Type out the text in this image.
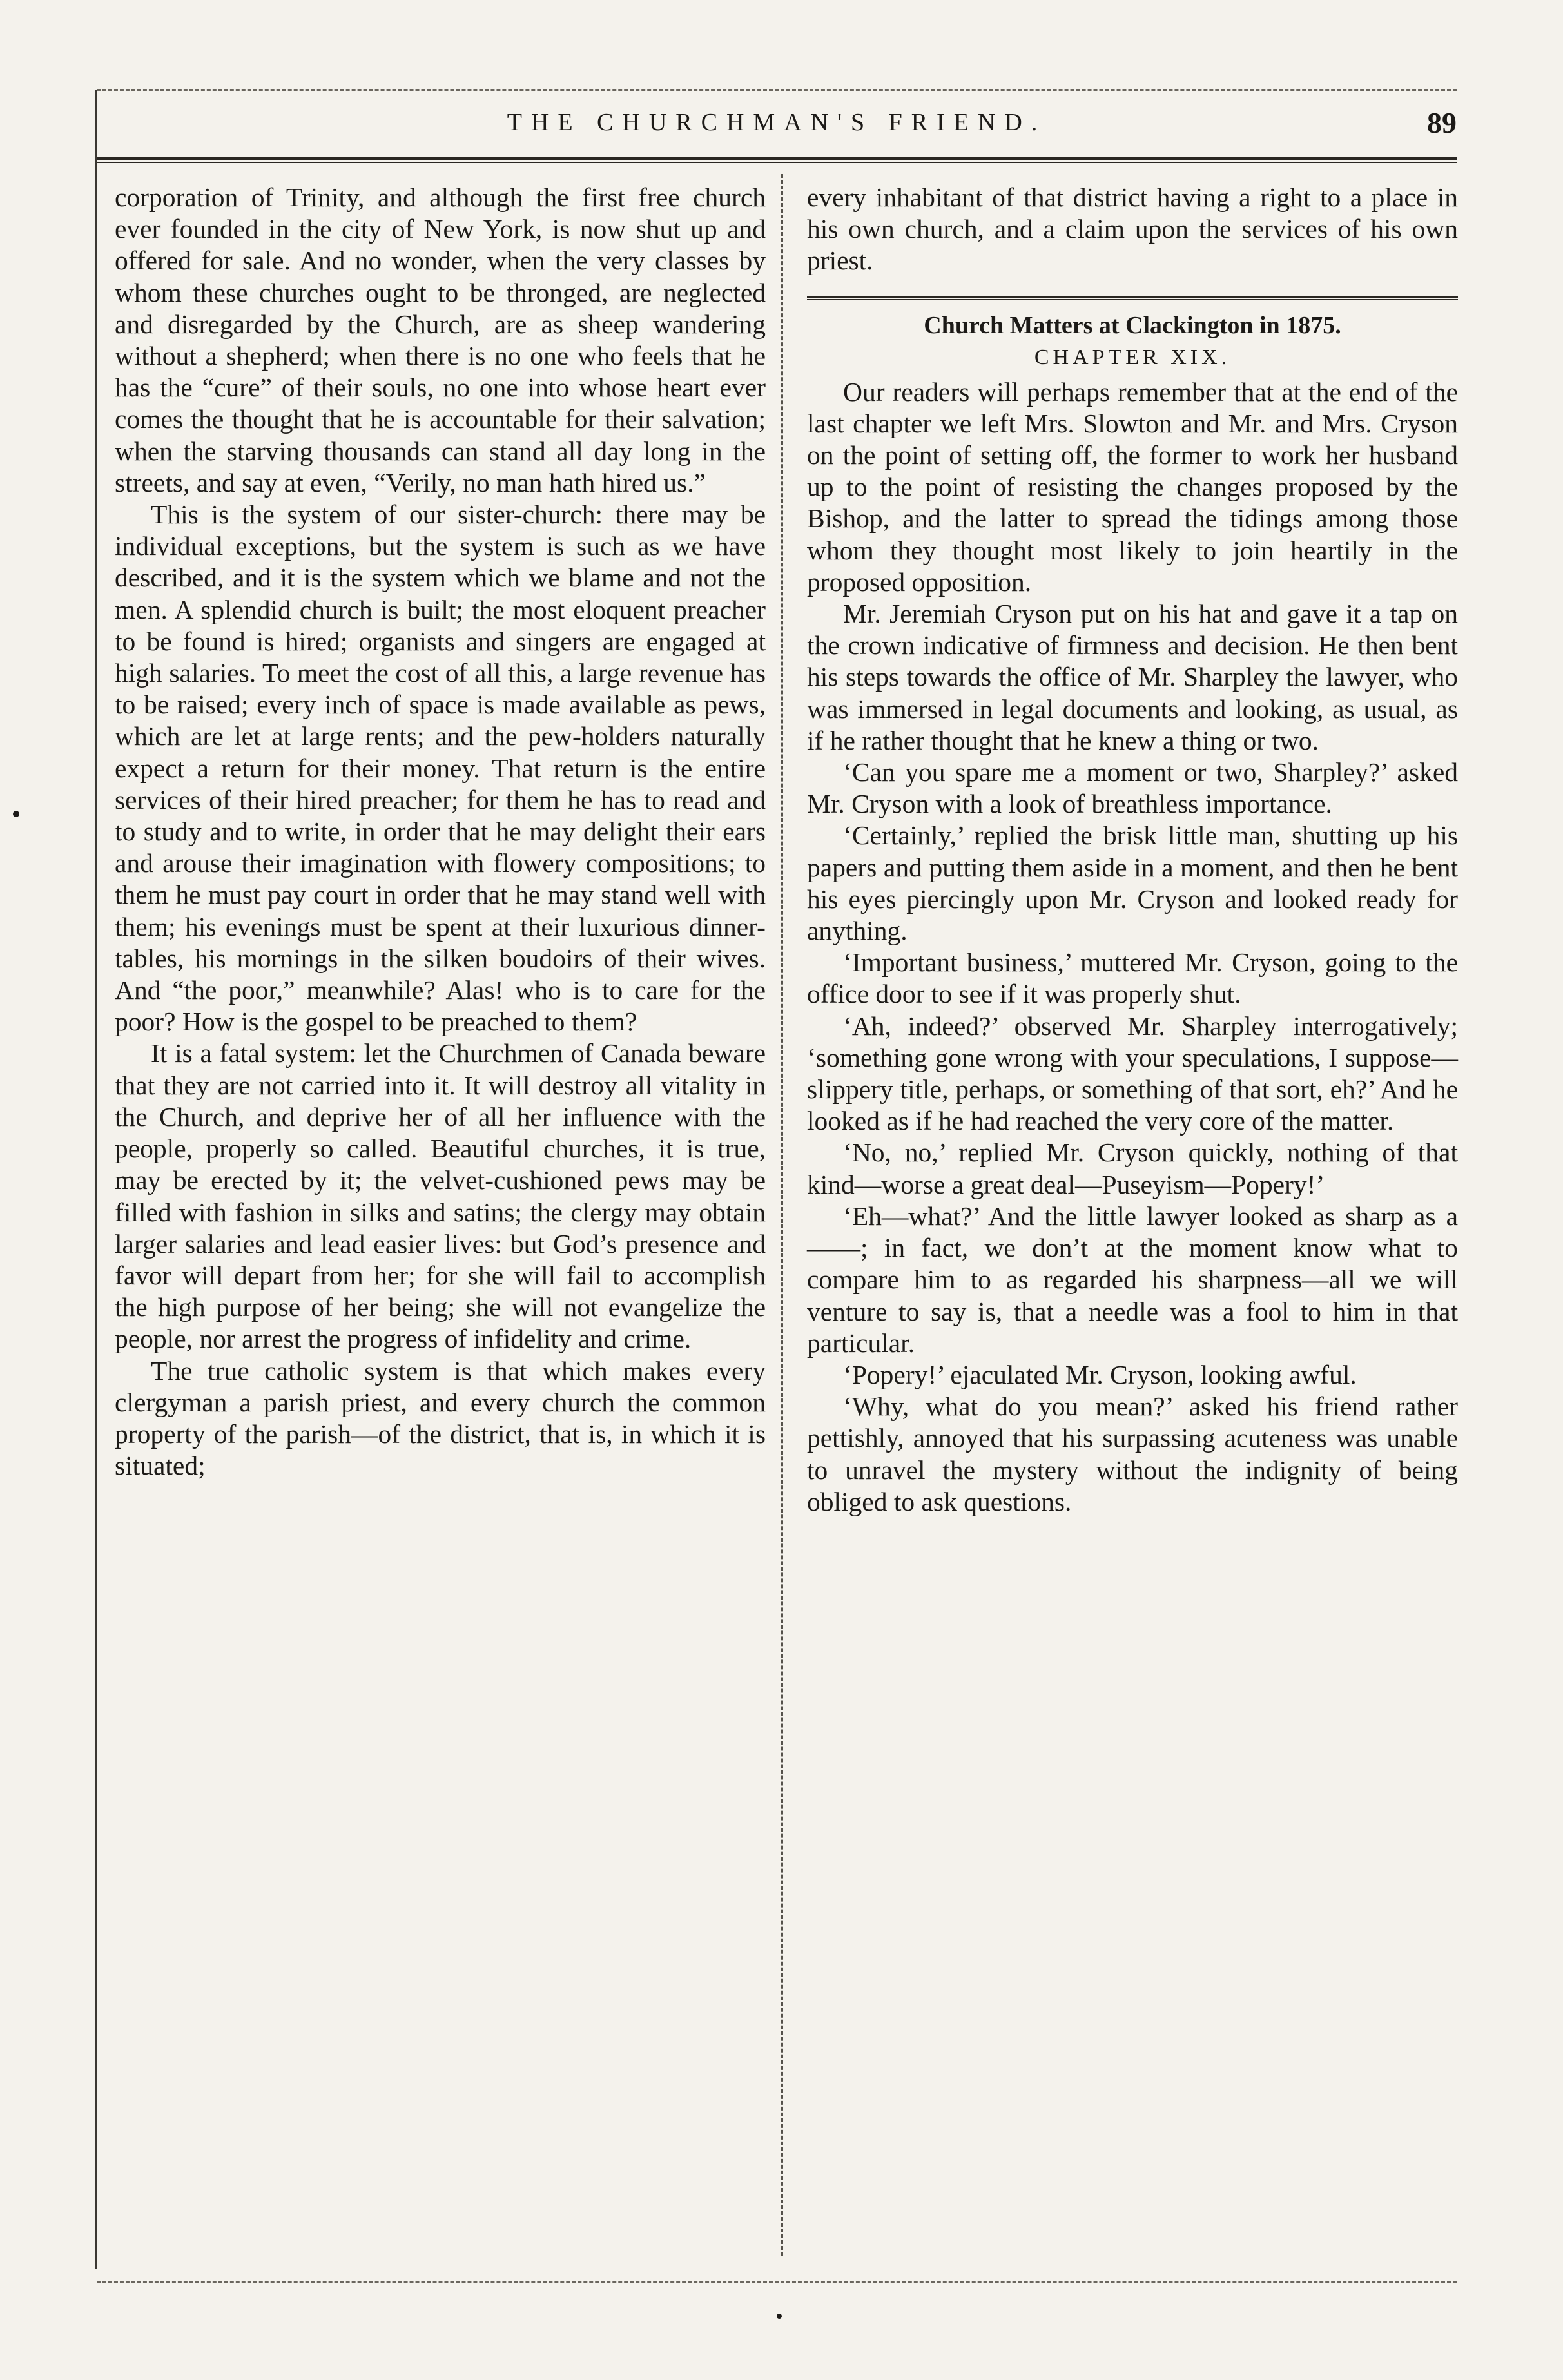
THE CHURCHMAN'S FRIEND.	89

corporation of Trinity, and although the first free church ever founded in the city of New York, is now shut up and offered for sale. And no wonder, when the very classes by whom these churches ought to be thronged, are neglected and disregarded by the Church, are as sheep wandering without a shepherd; when there is no one who feels that he has the “cure” of their souls, no one into whose heart ever comes the thought that he is accountable for their salvation; when the starving thousands can stand all day long in the streets, and say at even, “Verily, no man hath hired us.”

This is the system of our sister-church: there may be individual exceptions, but the system is such as we have described, and it is the system which we blame and not the men. A splendid church is built; the most eloquent preacher to be found is hired; organists and singers are engaged at high salaries. To meet the cost of all this, a large revenue has to be raised; every inch of space is made available as pews, which are let at large rents; and the pew-holders naturally expect a return for their money. That return is the entire services of their hired preacher; for them he has to read and to study and to write, in order that he may delight their ears and arouse their imagination with flowery compositions; to them he must pay court in order that he may stand well with them; his evenings must be spent at their luxurious dinner-tables, his mornings in the silken boudoirs of their wives. And “the poor,” meanwhile? Alas! who is to care for the poor? How is the gospel to be preached to them?

It is a fatal system: let the Churchmen of Canada beware that they are not carried into it. It will destroy all vitality in the Church, and deprive her of all her influence with the people, properly so called. Beautiful churches, it is true, may be erected by it; the velvet-cushioned pews may be filled with fashion in silks and satins; the clergy may obtain larger salaries and lead easier lives: but God’s presence and favor will depart from her; for she will fail to accomplish the high purpose of her being; she will not evangelize the people, nor arrest the progress of infidelity and crime.

The true catholic system is that which makes every clergyman a parish priest, and every church the common property of the parish—of the district, that is, in which it is situated;

every inhabitant of that district having a right to a place in his own church, and a claim upon the services of his own priest.

Church Matters at Clackington in 1875.
CHAPTER XIX.

Our readers will perhaps remember that at the end of the last chapter we left Mrs. Slowton and Mr. and Mrs. Cryson on the point of setting off, the former to work her husband up to the point of resisting the changes proposed by the Bishop, and the latter to spread the tidings among those whom they thought most likely to join heartily in the proposed opposition.

Mr. Jeremiah Cryson put on his hat and gave it a tap on the crown indicative of firmness and decision. He then bent his steps towards the office of Mr. Sharpley the lawyer, who was immersed in legal documents and looking, as usual, as if he rather thought that he knew a thing or two.

‘Can you spare me a moment or two, Sharpley?’ asked Mr. Cryson with a look of breathless importance.

‘Certainly,’ replied the brisk little man, shutting up his papers and putting them aside in a moment, and then he bent his eyes piercingly upon Mr. Cryson and looked ready for anything.

‘Important business,’ muttered Mr. Cryson, going to the office door to see if it was properly shut.

‘Ah, indeed?’ observed Mr. Sharpley interrogatively; ‘something gone wrong with your speculations, I suppose—slippery title, perhaps, or something of that sort, eh?’ And he looked as if he had reached the very core of the matter.

‘No, no,’ replied Mr. Cryson quickly, nothing of that kind—worse a great deal—Puseyism—Popery!’

‘Eh—what?’ And the little lawyer looked as sharp as a ——; in fact, we don’t at the moment know what to compare him to as regarded his sharpness—all we will venture to say is, that a needle was a fool to him in that particular.

‘Popery!’ ejaculated Mr. Cryson, looking awful.

‘Why, what do you mean?’ asked his friend rather pettishly, annoyed that his surpassing acuteness was unable to unravel the mystery without the indignity of being obliged to ask questions.
